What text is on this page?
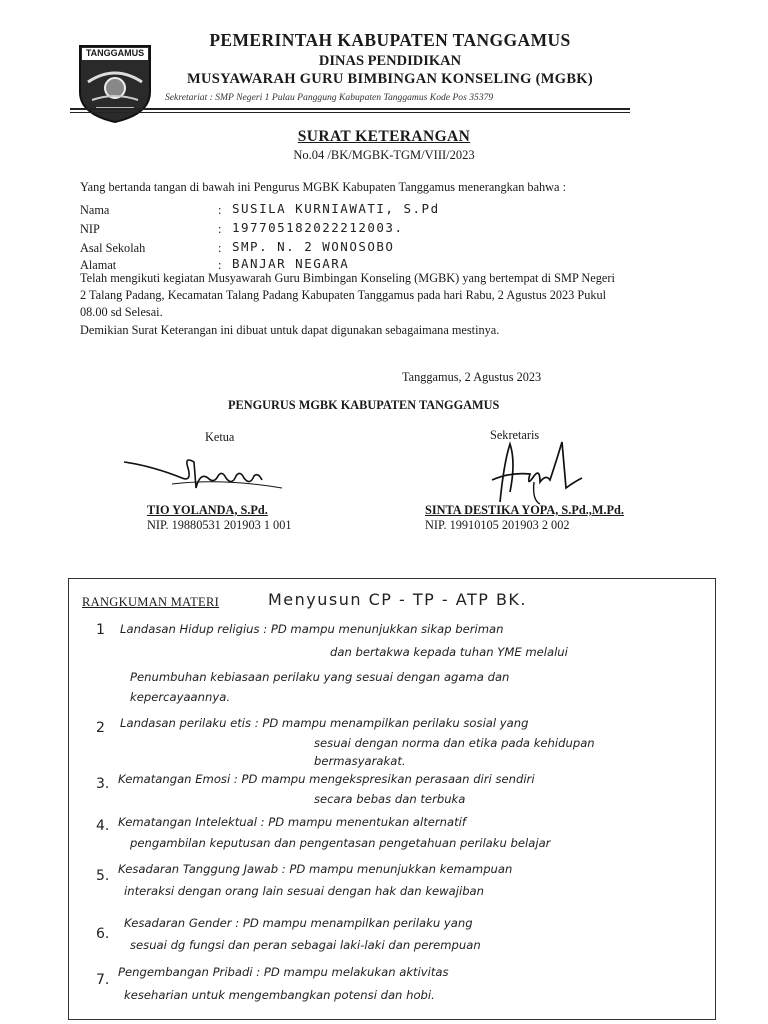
TANGGAMUS
PEMERINTAH KABUPATEN TANGGAMUS
DINAS PENDIDIKAN
MUSYAWARAH GURU BIMBINGAN KONSELING (MGBK)
Sekretariat : SMP Negeri 1 Pulau Panggung Kabupaten Tanggamus Kode Pos 35379
SURAT KETERANGAN
No.04 /BK/MGBK-TGM/VIII/2023
Yang bertanda tangan di bawah ini Pengurus MGBK Kabupaten Tanggamus menerangkan bahwa :
Nama	: SUSILA KURNIAWATI, S.Pd
NIP	: 197705182022212003.
Asal Sekolah	: SMP. N. 2 WONOSOBO
Alamat	: BANJAR NEGARA
Telah mengikuti kegiatan Musyawarah Guru Bimbingan Konseling (MGBK) yang bertempat di SMP Negeri
2 Talang Padang, Kecamatan Talang Padang Kabupaten Tanggamus pada hari Rabu, 2 Agustus 2023 Pukul
08.00 sd Selesai.
Demikian Surat Keterangan ini dibuat untuk dapat digunakan sebagaimana mestinya.
Tanggamus, 2 Agustus 2023
PENGURUS MGBK KABUPATEN TANGGAMUS
Ketua
TIO YOLANDA, S.Pd.
NIP. 19880531 201903 1 001
Sekretaris
SINTA DESTIKA YOPA, S.Pd.,M.Pd.
NIP. 19910105 201903 2 002
RANGKUMAN MATERI	Menyusun CP - TP - ATP BK.
1 Landasan Hidup religius : PD mampu menunjukkan sikap beriman
dan bertakwa kepada tuhan YME melalui
Penumbuhan kebiasaan perilaku yang sesuai dengan agama dan
kepercayaannya.
2 Landasan perilaku etis : PD mampu menampilkan perilaku sosial yang
sesuai dengan norma dan etika pada kehidupan
bermasyarakat.
3. Kematangan Emosi : PD mampu mengekspresikan perasaan diri sendiri
secara bebas dan terbuka
4. Kematangan Intelektual : PD mampu menentukan alternatif
pengambilan keputusan dan pengentasan pengetahuan perilaku belajar
5. Kesadaran Tanggung Jawab : PD mampu menunjukkan kemampuan
interaksi dengan orang lain sesuai dengan hak dan kewajiban
6.
Kesadaran Gender : PD mampu menampilkan perilaku yang
sesuai dg fungsi dan peran sebagai laki-laki dan perempuan
7. Pengembangan Pribadi : PD mampu melakukan aktivitas
keseharian untuk mengembangkan potensi dan hobi.
